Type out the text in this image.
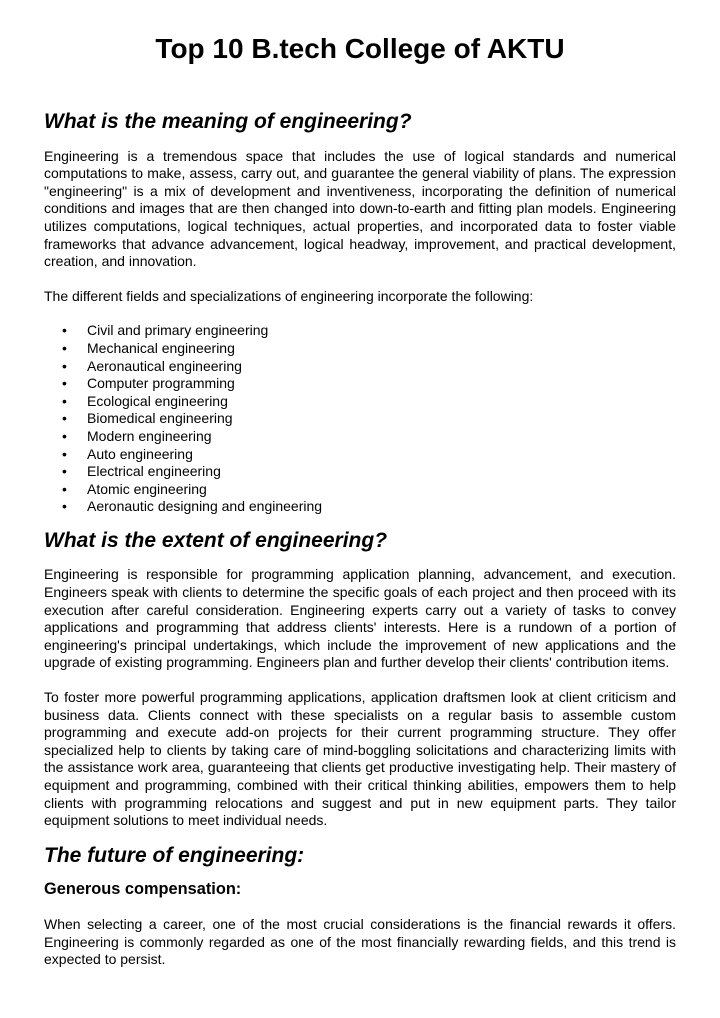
Top 10 B.tech College of AKTU
What is the meaning of engineering?

Engineering is a tremendous space that includes the use of logical standards and numerical computations to make, assess, carry out, and guarantee the general viability of plans. The expression "engineering" is a mix of development and inventiveness, incorporating the definition of numerical conditions and images that are then changed into down-to-earth and fitting plan models. Engineering utilizes computations, logical techniques, actual properties, and incorporated data to foster viable frameworks that advance advancement, logical headway, improvement, and practical development, creation, and innovation.

The different fields and specializations of engineering incorporate the following:

• Civil and primary engineering
• Mechanical engineering
• Aeronautical engineering
• Computer programming
• Ecological engineering
• Biomedical engineering
• Modern engineering
• Auto engineering
• Electrical engineering
• Atomic engineering
• Aeronautic designing and engineering
What is the extent of engineering?

Engineering is responsible for programming application planning, advancement, and execution. Engineers speak with clients to determine the specific goals of each project and then proceed with its execution after careful consideration. Engineering experts carry out a variety of tasks to convey applications and programming that address clients' interests. Here is a rundown of a portion of engineering's principal undertakings, which include the improvement of new applications and the upgrade of existing programming. Engineers plan and further develop their clients' contribution items.

To foster more powerful programming applications, application draftsmen look at client criticism and business data. Clients connect with these specialists on a regular basis to assemble custom programming and execute add-on projects for their current programming structure. They offer specialized help to clients by taking care of mind-boggling solicitations and characterizing limits with the assistance work area, guaranteeing that clients get productive investigating help. Their mastery of equipment and programming, combined with their critical thinking abilities, empowers them to help clients with programming relocations and suggest and put in new equipment parts. They tailor equipment solutions to meet individual needs.

The future of engineering:
Generous compensation:

When selecting a career, one of the most crucial considerations is the financial rewards it offers. Engineering is commonly regarded as one of the most financially rewarding fields, and this trend is expected to persist.
